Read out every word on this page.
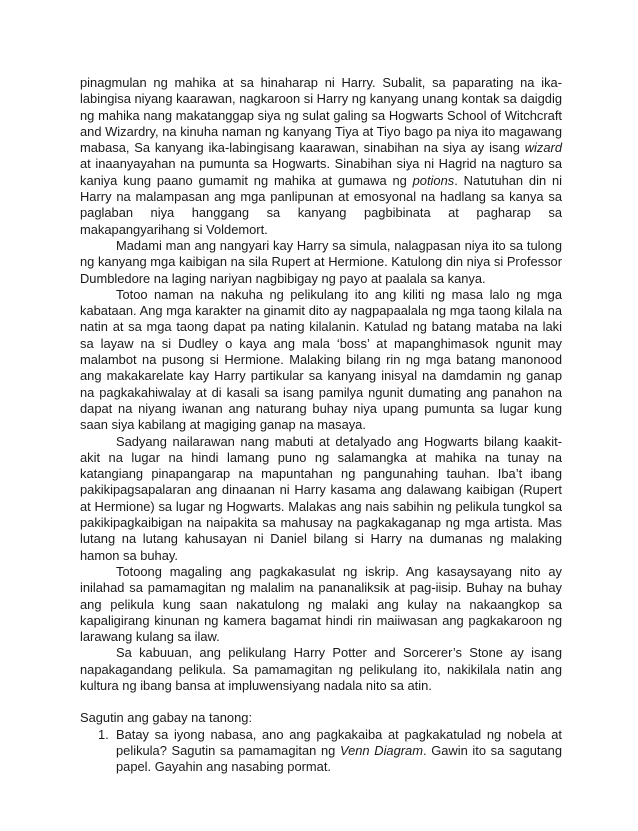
pinagmulan ng mahika at sa hinaharap ni Harry. Subalit, sa paparating na ika-labingisa niyang kaarawan, nagkaroon si Harry ng kanyang unang kontak sa daigdig ng mahika nang makatanggap siya ng sulat galing sa Hogwarts School of Witchcraft and Wizardry, na kinuha naman ng kanyang Tiya at Tiyo bago pa niya ito magawang mabasa, Sa kanyang ika-labingisang kaarawan, sinabihan na siya ay isang wizard at inaanyayahan na pumunta sa Hogwarts. Sinabihan siya ni Hagrid na nagturo sa kaniya kung paano gumamit ng mahika at gumawa ng potions. Natutuhan din ni Harry na malampasan ang mga panlipunan at emosyonal na hadlang sa kanya sa paglaban niya hanggang sa kanyang pagbibinata at pagharap sa makapangyarihang si Voldemort.

Madami man ang nangyari kay Harry sa simula, nalagpasan niya ito sa tulong ng kanyang mga kaibigan na sila Rupert at Hermione. Katulong din niya si Professor Dumbledore na laging nariyan nagbibigay ng payo at paalala sa kanya.

Totoo naman na nakuha ng pelikulang ito ang kiliti ng masa lalo ng mga kabataan. Ang mga karakter na ginamit dito ay nagpapaalala ng mga taong kilala na natin at sa mga taong dapat pa nating kilalanin. Katulad ng batang mataba na laki sa layaw na si Dudley o kaya ang mala ‘boss’ at mapanghimasok ngunit may malambot na pusong si Hermione. Malaking bilang rin ng mga batang manonood ang makakarelate kay Harry partikular sa kanyang inisyal na damdamin ng ganap na pagkakahiwalay at di kasali sa isang pamilya ngunit dumating ang panahon na dapat na niyang iwanan ang naturang buhay niya upang pumunta sa lugar kung saan siya kabilang at magiging ganap na masaya.

Sadyang nailarawan nang mabuti at detalyado ang Hogwarts bilang kaakit-akit na lugar na hindi lamang puno ng salamangka at mahika na tunay na katangiang pinapangarap na mapuntahan ng pangunahing tauhan. Iba’t ibang pakikipagsapalaran ang dinaanan ni Harry kasama ang dalawang kaibigan (Rupert at Hermione) sa lugar ng Hogwarts. Malakas ang nais sabihin ng pelikula tungkol sa pakikipagkaibigan na naipakita sa mahusay na pagkakaganap ng mga artista. Mas lutang na lutang kahusayan ni Daniel bilang si Harry na dumanas ng malaking hamon sa buhay.

Totoong magaling ang pagkakasulat ng iskrip. Ang kasaysayang nito ay inilahad sa pamamagitan ng malalim na pananaliksik at pag-iisip. Buhay na buhay ang pelikula kung saan nakatulong ng malaki ang kulay na nakaangkop sa kapaligirang kinunan ng kamera bagamat hindi rin maiiwasan ang pagkakaroon ng larawang kulang sa ilaw.

Sa kabuuan, ang pelikulang Harry Potter and Sorcerer’s Stone ay isang napakagandang pelikula. Sa pamamagitan ng pelikulang ito, nakikilala natin ang kultura ng ibang bansa at impluwensiyang nadala nito sa atin.

Sagutin ang gabay na tanong:

1. Batay sa iyong nabasa, ano ang pagkakaiba at pagkakatulad ng nobela at pelikula? Sagutin sa pamamagitan ng Venn Diagram. Gawin ito sa sagutang papel. Gayahin ang nasabing pormat.
